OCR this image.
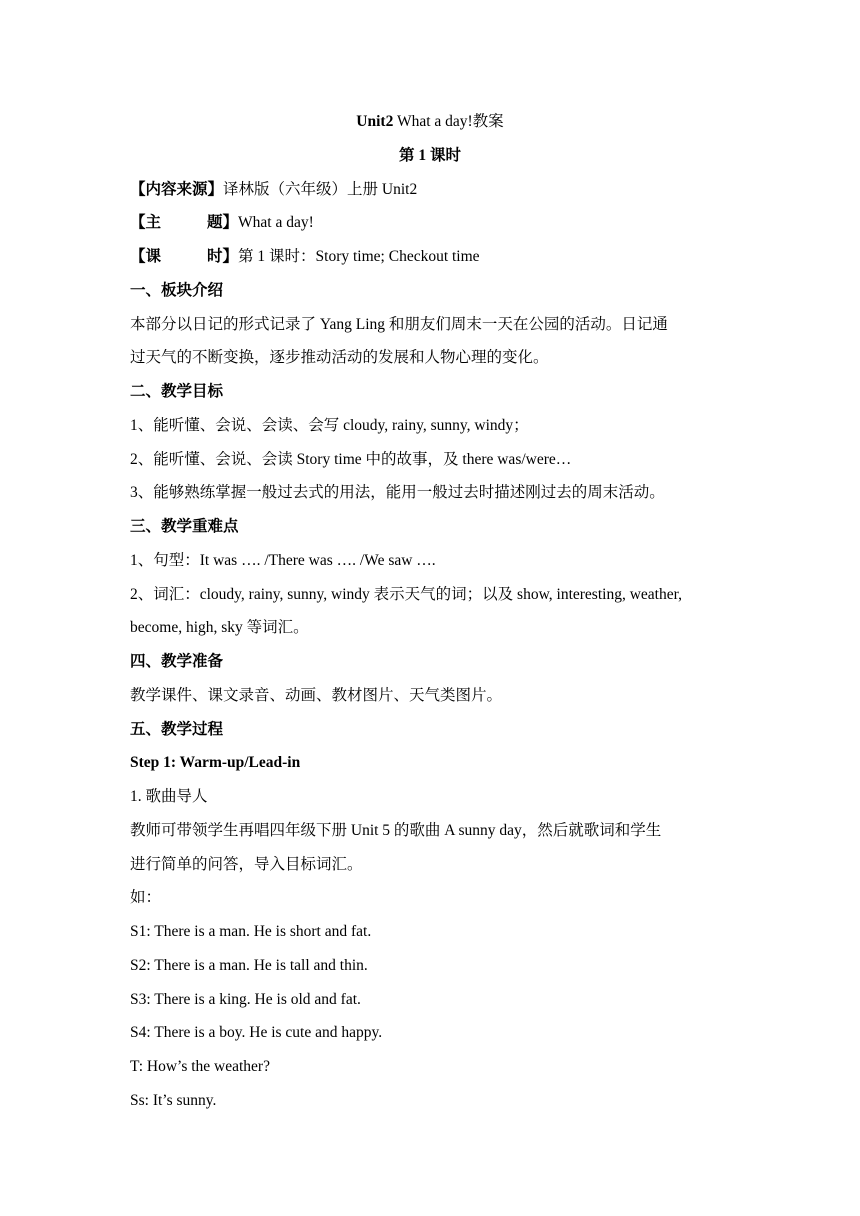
Unit2 What a day!教案
第 1 课时
【内容来源】译林版（六年级）上册 Unit2
【主	题】What a day!
【课	时】第 1 课时：Story time; Checkout time
一、板块介绍
本部分以日记的形式记录了 Yang Ling 和朋友们周末一天在公园的活动。日记通
过天气的不断变换，逐步推动活动的发展和人物心理的变化。
二、教学目标
1、能听懂、会说、会读、会写 cloudy, rainy, sunny, windy；
2、能听懂、会说、会读 Story time 中的故事，及 there was/were…
3、能够熟练掌握一般过去式的用法，能用一般过去时描述刚过去的周末活动。
三、教学重难点
1、句型：It was …. /There was …. /We saw ….
2、词汇：cloudy, rainy, sunny, windy 表示天气的词；以及 show, interesting, weather,
become, high, sky 等词汇。
四、教学准备
教学课件、课文录音、动画、教材图片、天气类图片。
五、教学过程
Step 1: Warm-up/Lead-in
1. 歌曲导人
教师可带领学生再唱四年级下册 Unit 5 的歌曲 A sunny day，然后就歌词和学生
进行简单的问答，导入目标词汇。
如：
S1: There is a man. He is short and fat.
S2: There is a man. He is tall and thin.
S3: There is a king. He is old and fat.
S4: There is a boy. He is cute and happy.
T: How’s the weather?
Ss: It’s sunny.
